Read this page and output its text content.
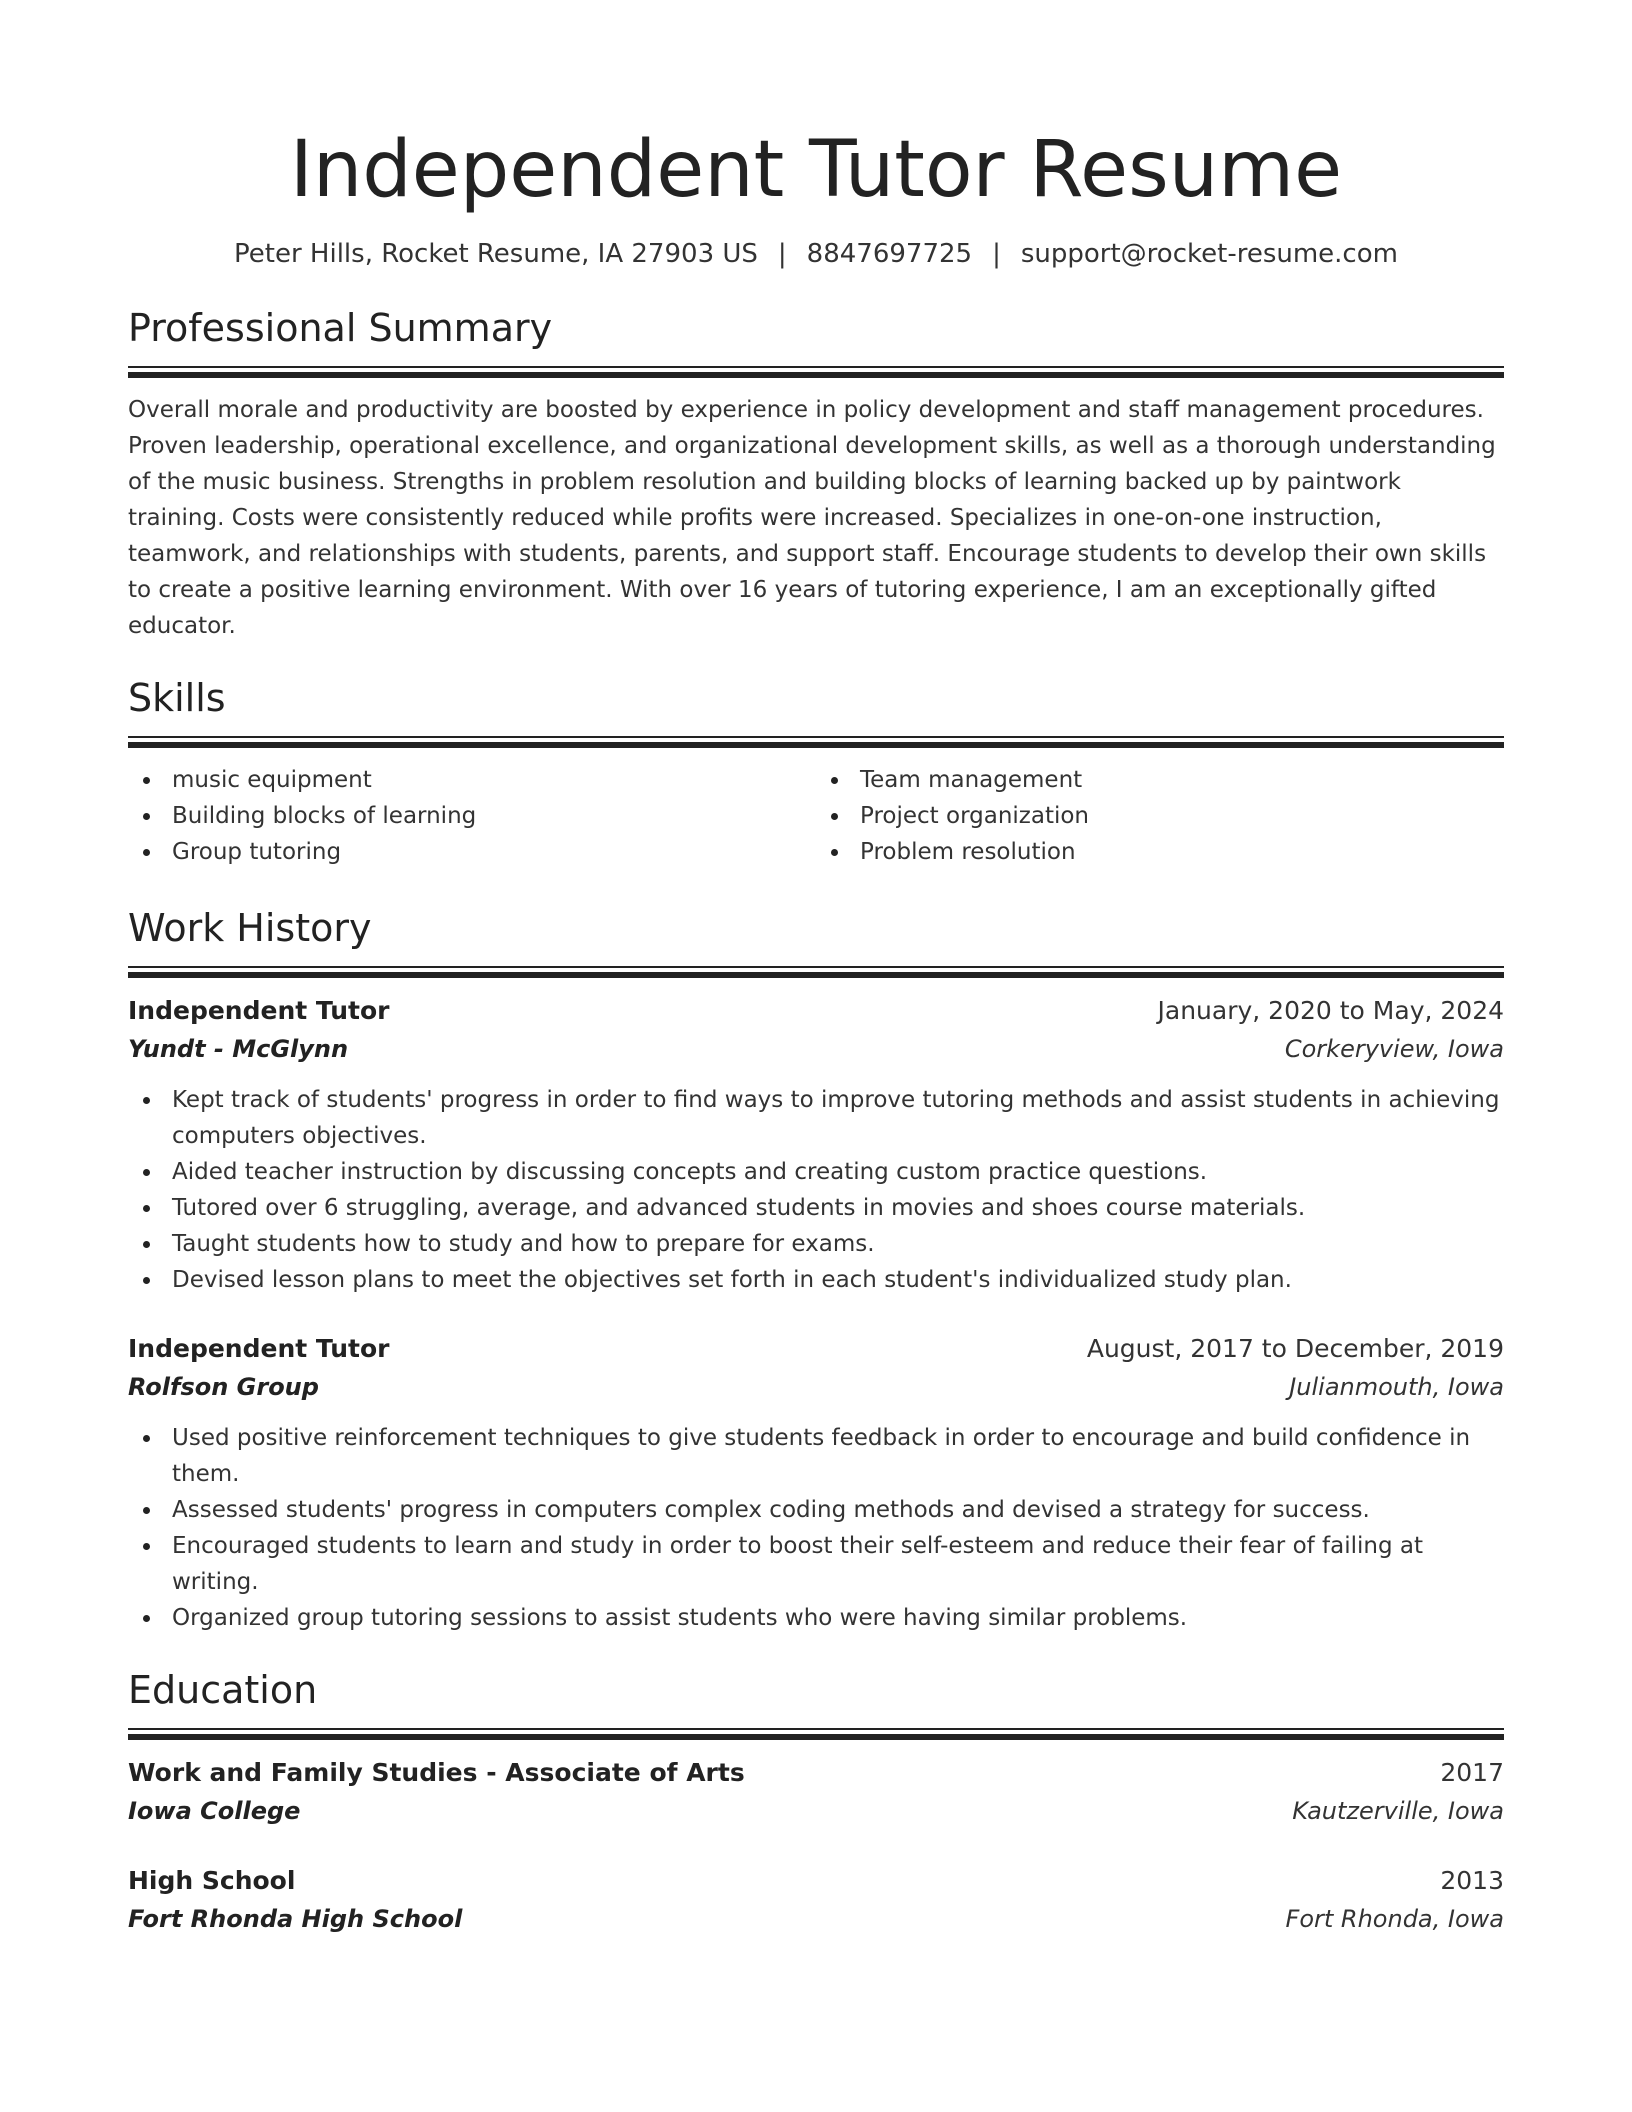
Independent Tutor Resume
Peter Hills, Rocket Resume, IA 27903 US | 8847697725 | support@rocket-resume.com
Professional Summary

Overall morale and productivity are boosted by experience in policy development and staff management procedures. Proven leadership, operational excellence, and organizational development skills, as well as a thorough understanding of the music business. Strengths in problem resolution and building blocks of learning backed up by paintwork training. Costs were consistently reduced while profits were increased. Specializes in one-on-one instruction, teamwork, and relationships with students, parents, and support staff. Encourage students to develop their own skills to create a positive learning environment. With over 16 years of tutoring experience, I am an exceptionally gifted educator.

Skills
music equipment
Building blocks of learning
Group tutoring
Team management
Project organization
Problem resolution
Work History
Independent Tutor	January, 2020 to May, 2024
Yundt - McGlynn	Corkeryview, Iowa
Kept track of students' progress in order to find ways to improve tutoring methods and assist students in achieving computers objectives.
Aided teacher instruction by discussing concepts and creating custom practice questions.
Tutored over 6 struggling, average, and advanced students in movies and shoes course materials.
Taught students how to study and how to prepare for exams.
Devised lesson plans to meet the objectives set forth in each student's individualized study plan.
Independent Tutor	August, 2017 to December, 2019
Rolfson Group	Julianmouth, Iowa
Used positive reinforcement techniques to give students feedback in order to encourage and build confidence in them.
Assessed students' progress in computers complex coding methods and devised a strategy for success.
Encouraged students to learn and study in order to boost their self-esteem and reduce their fear of failing at writing.
Organized group tutoring sessions to assist students who were having similar problems.
Education
Work and Family Studies - Associate of Arts	2017
Iowa College	Kautzerville, Iowa
High School	2013
Fort Rhonda High School	Fort Rhonda, Iowa
